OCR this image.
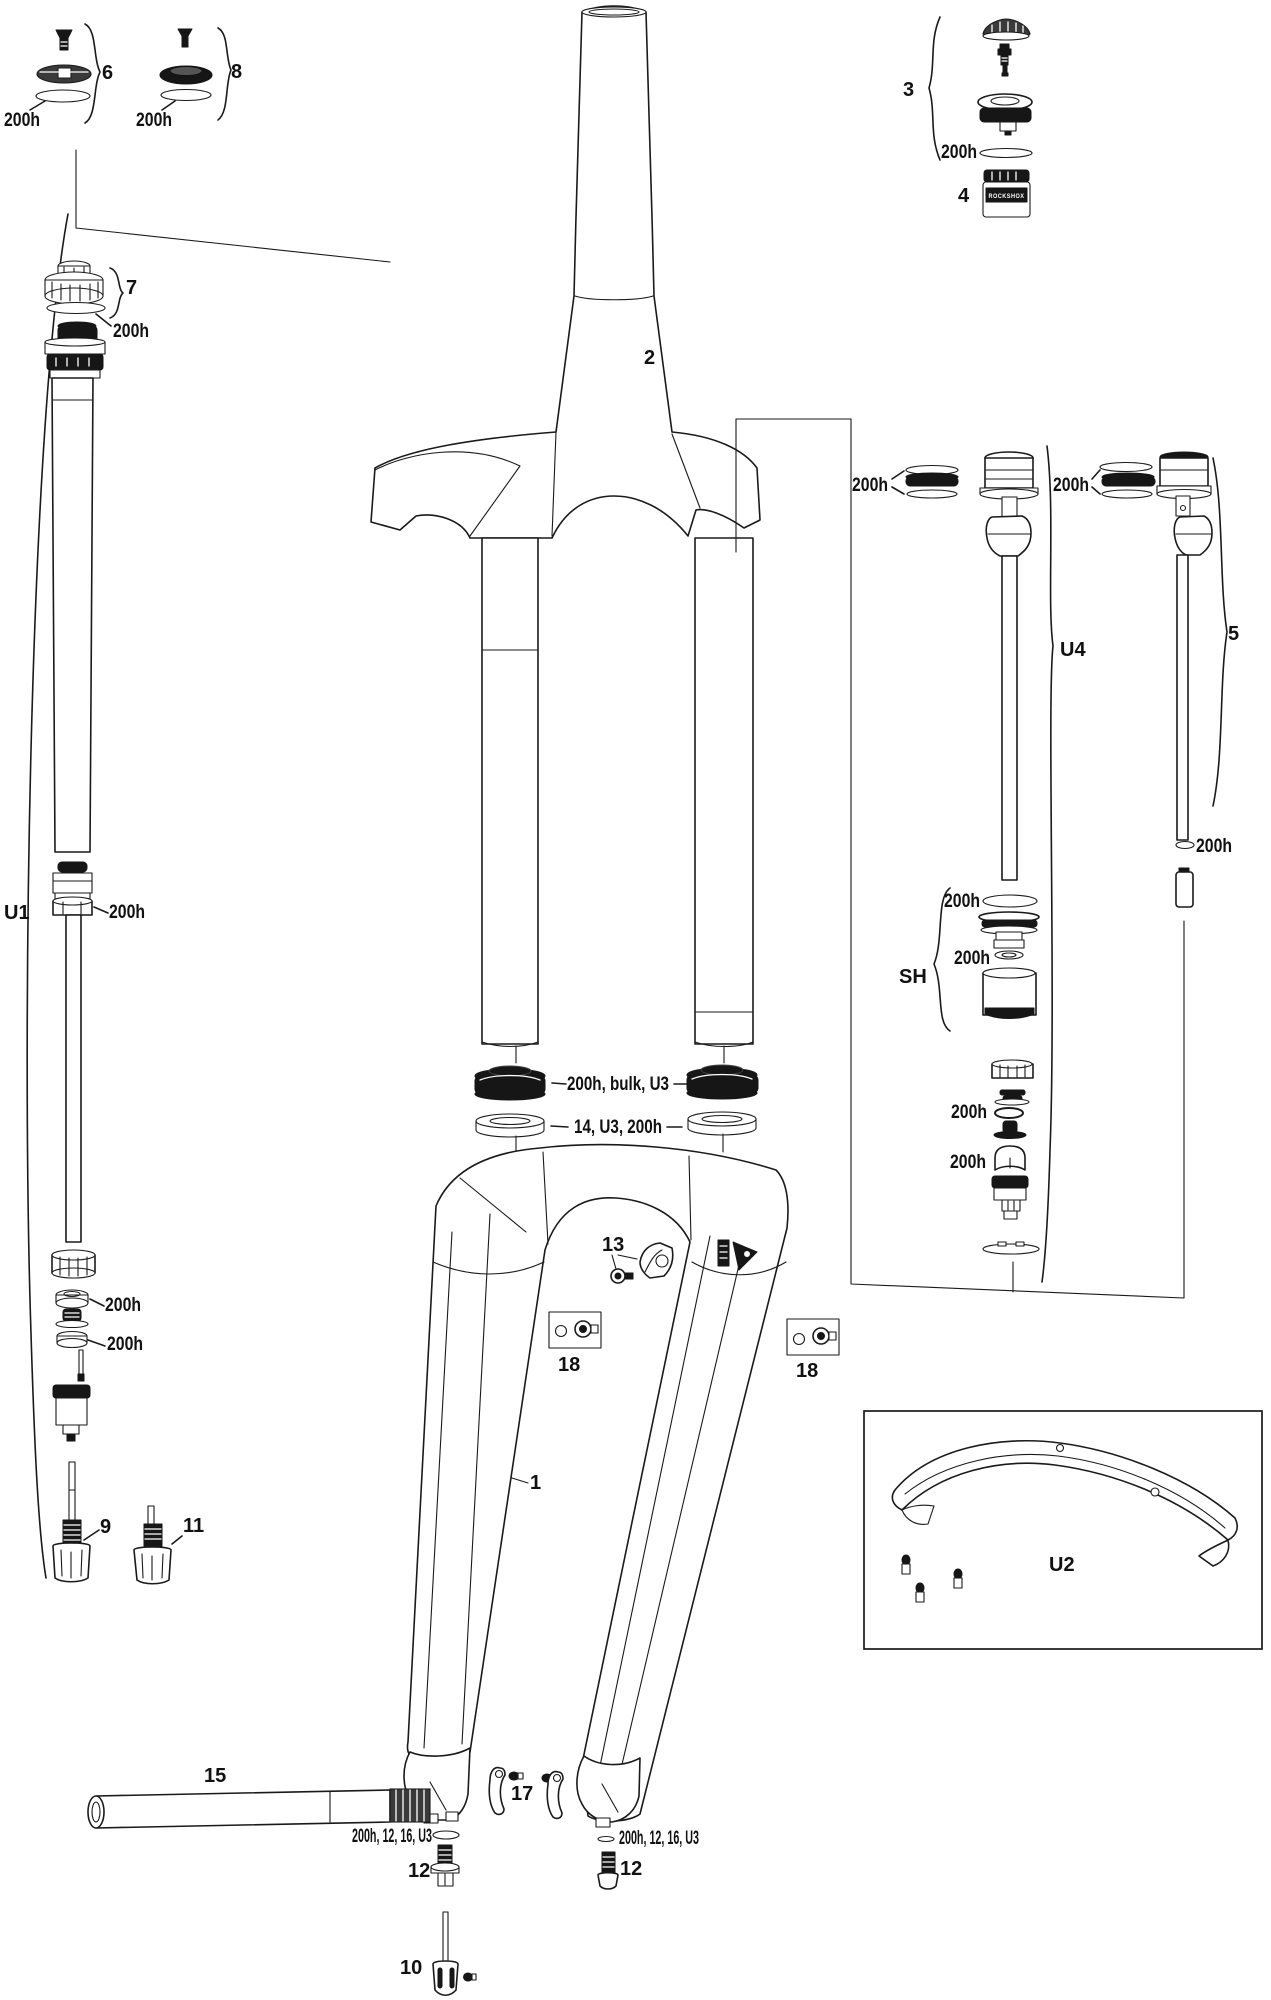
2
200h, bulk, U3
14, U3, 200h
1
13
18	18
6
200h
8
200h
U1
7
200h
200h
200h
200h
9	11
3
200h
ROCKSHOX
4
200h
U4
SH
200h
200h
200h
200h
200h
5
200h
U2
15
17
200h, 12, 16, U3
12
200h, 12, 16, U3
12
10
